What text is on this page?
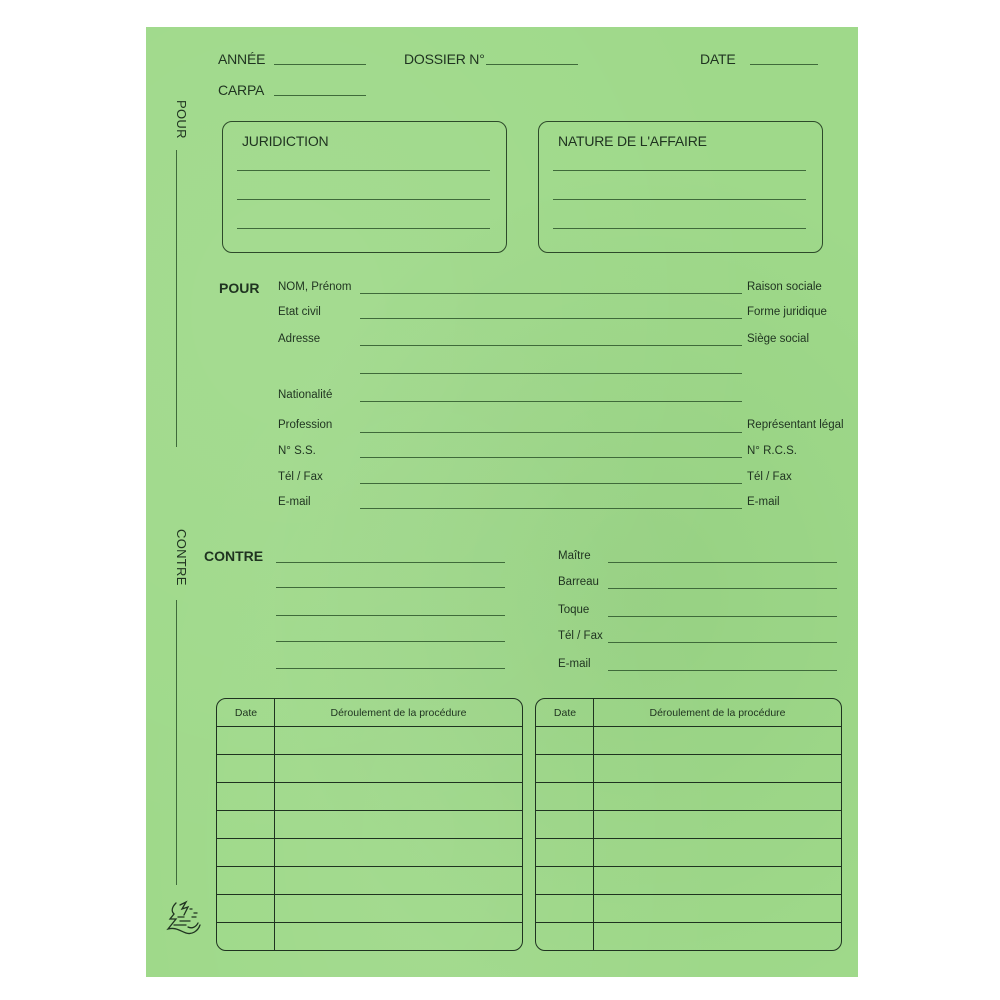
ANNÉE	DOSSIER N°	DATE
CARPA
POUR
CONTRE
JURIDICTION	NATURE DE L'AFFAIRE
POUR NOM, Prénom	Raison sociale
Etat civil	Forme juridique
Adresse	Siège social
Nationalité
Profession	Représentant légal
N° S.S.	N° R.C.S.
Tél / Fax	Tél / Fax
E-mail	E-mail
CONTRE	Maître
Barreau
Toque
Tél / Fax
E-mail
Date	Déroulement de la procédure	Date	Déroulement de la procédure
